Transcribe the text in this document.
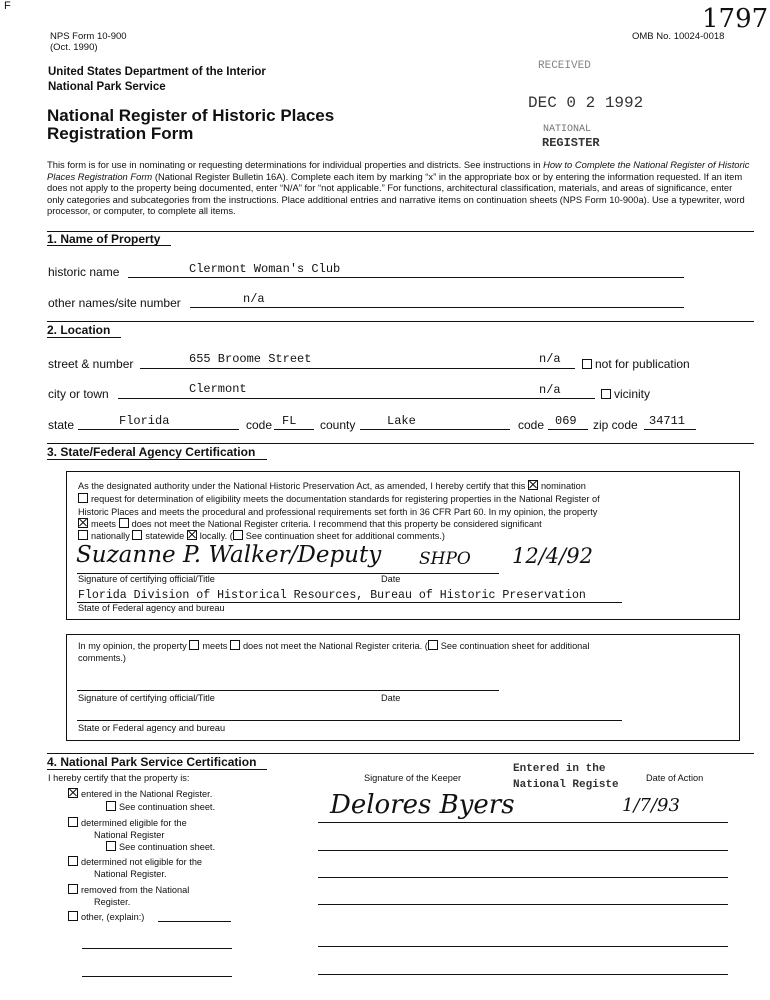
F
NPS Form 10-900
(Oct. 1990)
OMB No. 10024-0018
1797
United States Department of the Interior
National Park Service
National Register of Historic Places
Registration Form
RECEIVED
DEC 0 2 1992
NATIONAL
REGISTER

This form is for use in nominating or requesting determinations for individual properties and districts. See instructions in How to Complete the National Register of Historic Places Registration Form (National Register Bulletin 16A). Complete each item by marking “x” in the appropriate box or by entering the information requested. If an item does not apply to the property being documented, enter “N/A” for “not applicable.” For functions, architectural classification, materials, and areas of significance, enter only categories and subcategories from the instructions. Place additional entries and narrative items on continuation sheets (NPS Form 10-900a). Use a typewriter, word processor, or computer, to complete all items.

1. Name of Property
historic name	Clermont Woman's Club
other names/site number	n/a
2. Location
street & number	655 Broome Street	n/a	not for publication
city or town	Clermont	n/a	vicinity
state	Florida	code FL county	Lake	code 069 zip code 34711
3. State/Federal Agency Certification
As the designated authority under the National Historic Preservation Act, as amended, I hereby certify that this nomination
request for determination of eligibility meets the documentation standards for registering properties in the National Register of
Historic Places and meets the procedural and professional requirements set forth in 36 CFR Part 60. In my opinion, the property
meets does not meet the National Register criteria. I recommend that this property be considered significant
nationally statewide locally. ( See continuation sheet for additional comments.)
Suzanne P. Walker/Deputy SHPO 12/4/92
Signature of certifying official/Title	Date
Florida Division of Historical Resources, Bureau of Historic Preservation
State of Federal agency and bureau
In my opinion, the property meets does not meet the National Register criteria. ( See continuation sheet for additional
comments.)
Signature of certifying official/Title	Date
State or Federal agency and bureau
4. National Park Service Certification
I hereby certify that the property is:
entered in the National Register.
See continuation sheet.
determined eligible for the
National Register
See continuation sheet.
determined not eligible for the
National Register.
removed from the National
Register.
other, (explain:)
Signature of the Keeper
Entered in the
National Registe
Date of Action
Delores Byers	1/7/93
